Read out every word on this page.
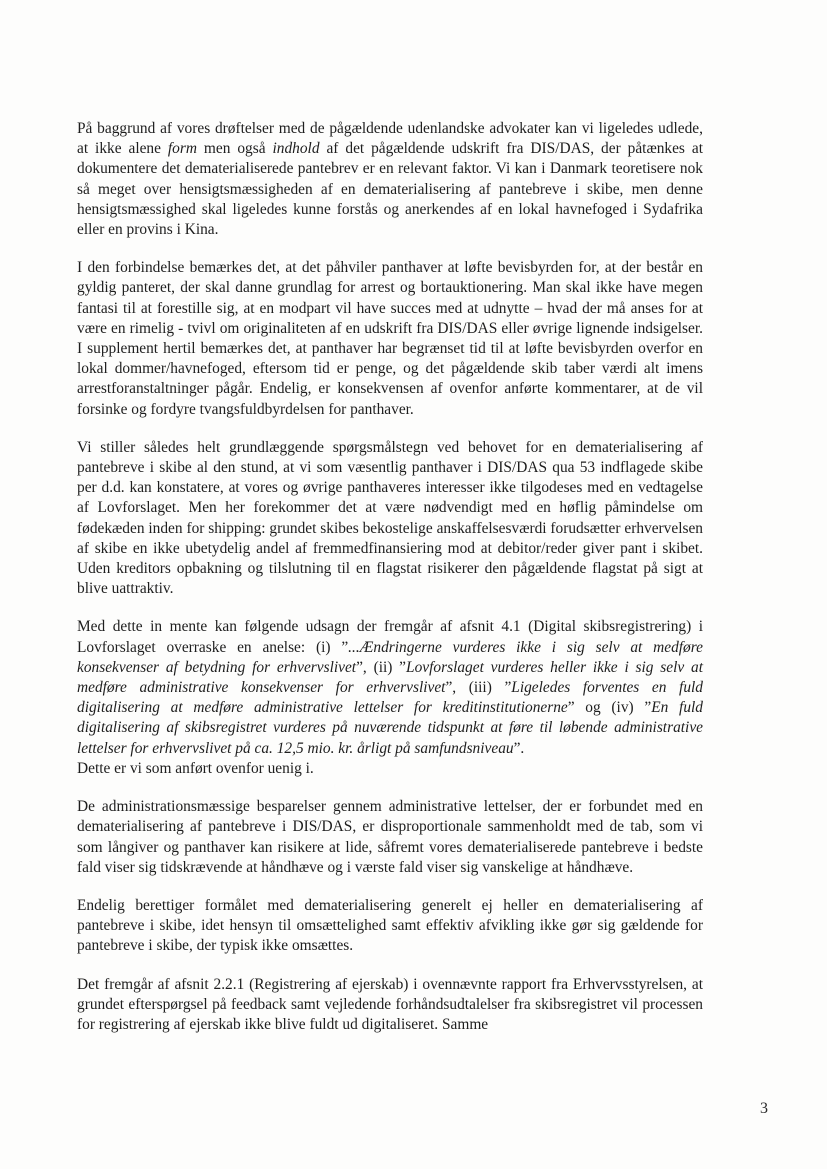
På baggrund af vores drøftelser med de pågældende udenlandske advokater kan vi ligeledes udlede, at ikke alene form men også indhold af det pågældende udskrift fra DIS/DAS, der påtænkes at dokumentere det dematerialiserede pantebrev er en relevant faktor. Vi kan i Danmark teoretisere nok så meget over hensigtsmæssigheden af en dematerialisering af pantebreve i skibe, men denne hensigtsmæssighed skal ligeledes kunne forstås og anerkendes af en lokal havnefoged i Sydafrika eller en provins i Kina.

I den forbindelse bemærkes det, at det påhviler panthaver at løfte bevisbyrden for, at der består en gyldig panteret, der skal danne grundlag for arrest og bortauktionering. Man skal ikke have megen fantasi til at forestille sig, at en modpart vil have succes med at udnytte – hvad der må anses for at være en rimelig - tvivl om originaliteten af en udskrift fra DIS/DAS eller øvrige lignende indsigelser. I supplement hertil bemærkes det, at panthaver har begrænset tid til at løfte bevisbyrden overfor en lokal dommer/havnefoged, eftersom tid er penge, og det pågældende skib taber værdi alt imens arrestforanstaltninger pågår. Endelig, er konsekvensen af ovenfor anførte kommentarer, at de vil forsinke og fordyre tvangsfuldbyrdelsen for panthaver.

Vi stiller således helt grundlæggende spørgsmålstegn ved behovet for en dematerialisering af pantebreve i skibe al den stund, at vi som væsentlig panthaver i DIS/DAS qua 53 indflagede skibe per d.d. kan konstatere, at vores og øvrige panthaveres interesser ikke tilgodeses med en vedtagelse af Lovforslaget. Men her forekommer det at være nødvendigt med en høflig påmindelse om fødekæden inden for shipping: grundet skibes bekostelige anskaffelsesværdi forudsætter erhvervelsen af skibe en ikke ubetydelig andel af fremmedfinansiering mod at debitor/reder giver pant i skibet. Uden kreditors opbakning og tilslutning til en flagstat risikerer den pågældende flagstat på sigt at blive uattraktiv.

Med dette in mente kan følgende udsagn der fremgår af afsnit 4.1 (Digital skibsregistrering) i Lovforslaget overraske en anelse: (i) ”...Ændringerne vurderes ikke i sig selv at medføre konsekvenser af betydning for erhvervslivet”, (ii) ”Lovforslaget vurderes heller ikke i sig selv at medføre administrative konsekvenser for erhvervslivet”, (iii) ”Ligeledes forventes en fuld digitalisering at medføre administrative lettelser for kreditinstitutionerne” og (iv) ”En fuld digitalisering af skibsregistret vurderes på nuværende tidspunkt at føre til løbende administrative lettelser for erhvervslivet på ca. 12,5 mio. kr. årligt på samfundsniveau”.
Dette er vi som anført ovenfor uenig i.

De administrationsmæssige besparelser gennem administrative lettelser, der er forbundet med en dematerialisering af pantebreve i DIS/DAS, er disproportionale sammenholdt med de tab, som vi som långiver og panthaver kan risikere at lide, såfremt vores dematerialiserede pantebreve i bedste fald viser sig tidskrævende at håndhæve og i værste fald viser sig vanskelige at håndhæve.

Endelig berettiger formålet med dematerialisering generelt ej heller en dematerialisering af pantebreve i skibe, idet hensyn til omsættelighed samt effektiv afvikling ikke gør sig gældende for pantebreve i skibe, der typisk ikke omsættes.

Det fremgår af afsnit 2.2.1 (Registrering af ejerskab) i ovennævnte rapport fra Erhvervsstyrelsen, at grundet efterspørgsel på feedback samt vejledende forhåndsudtalelser fra skibsregistret vil processen for registrering af ejerskab ikke blive fuldt ud digitaliseret. Samme

3
